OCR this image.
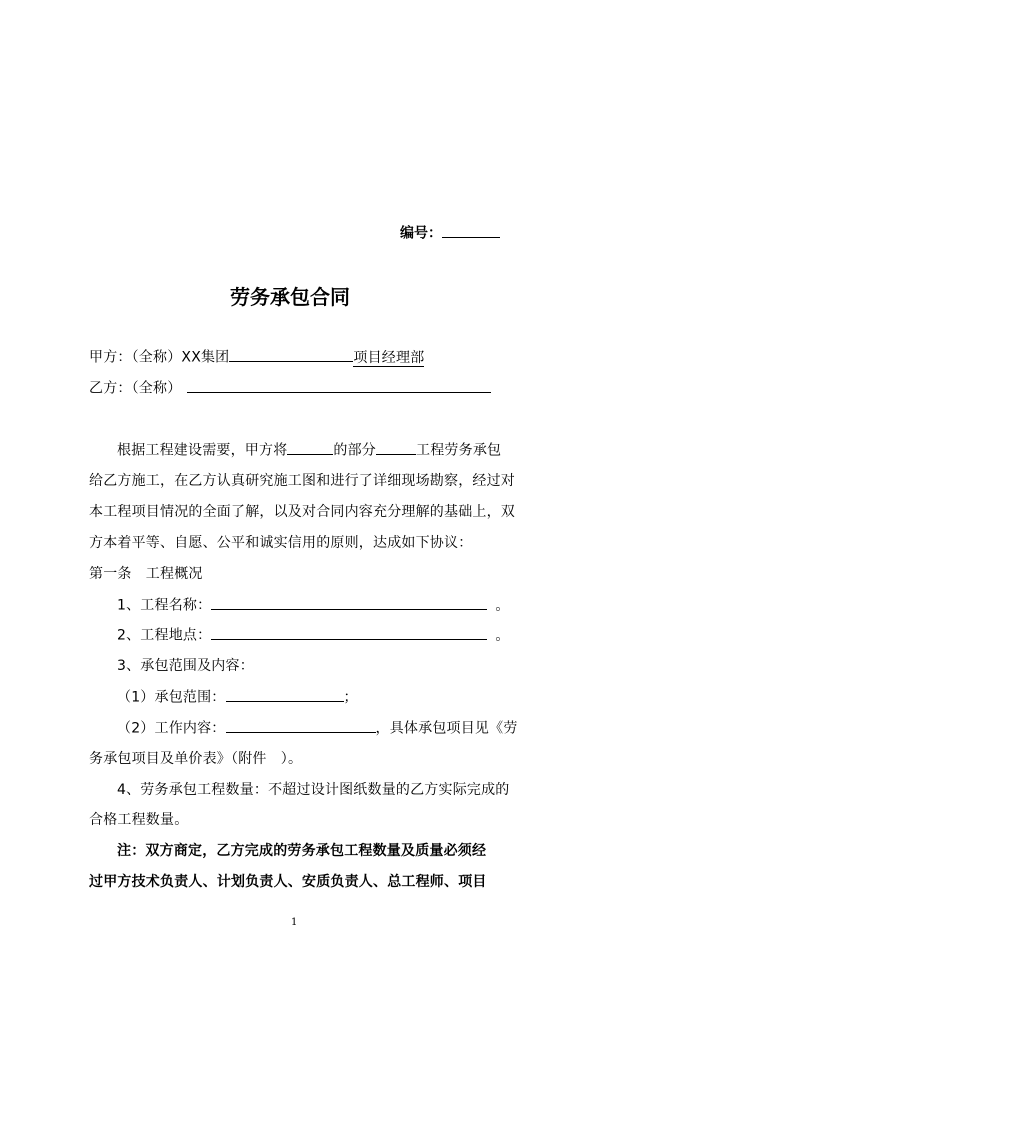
编号：
劳务承包合同
甲方：（全称）XX集团	项目经理部
乙方：（全称）
根据工程建设需要，甲方将	的部分	工程劳务承包
给乙方施工，在乙方认真研究施工图和进行了详细现场勘察，经过对
本工程项目情况的全面了解，以及对合同内容充分理解的基础上，双
方本着平等、自愿、公平和诚实信用的原则，达成如下协议：
第一条　工程概况
1、工程名称：	。
2、工程地点：	。
3、承包范围及内容：
（1）承包范围：	；
（2）工作内容：	，具体承包项目见《劳
务承包项目及单价表》（附件　）。
4、劳务承包工程数量：不超过设计图纸数量的乙方实际完成的
合格工程数量。
注：双方商定，乙方完成的劳务承包工程数量及质量必须经
过甲方技术负责人、计划负责人、安质负责人、总工程师、项目
1
